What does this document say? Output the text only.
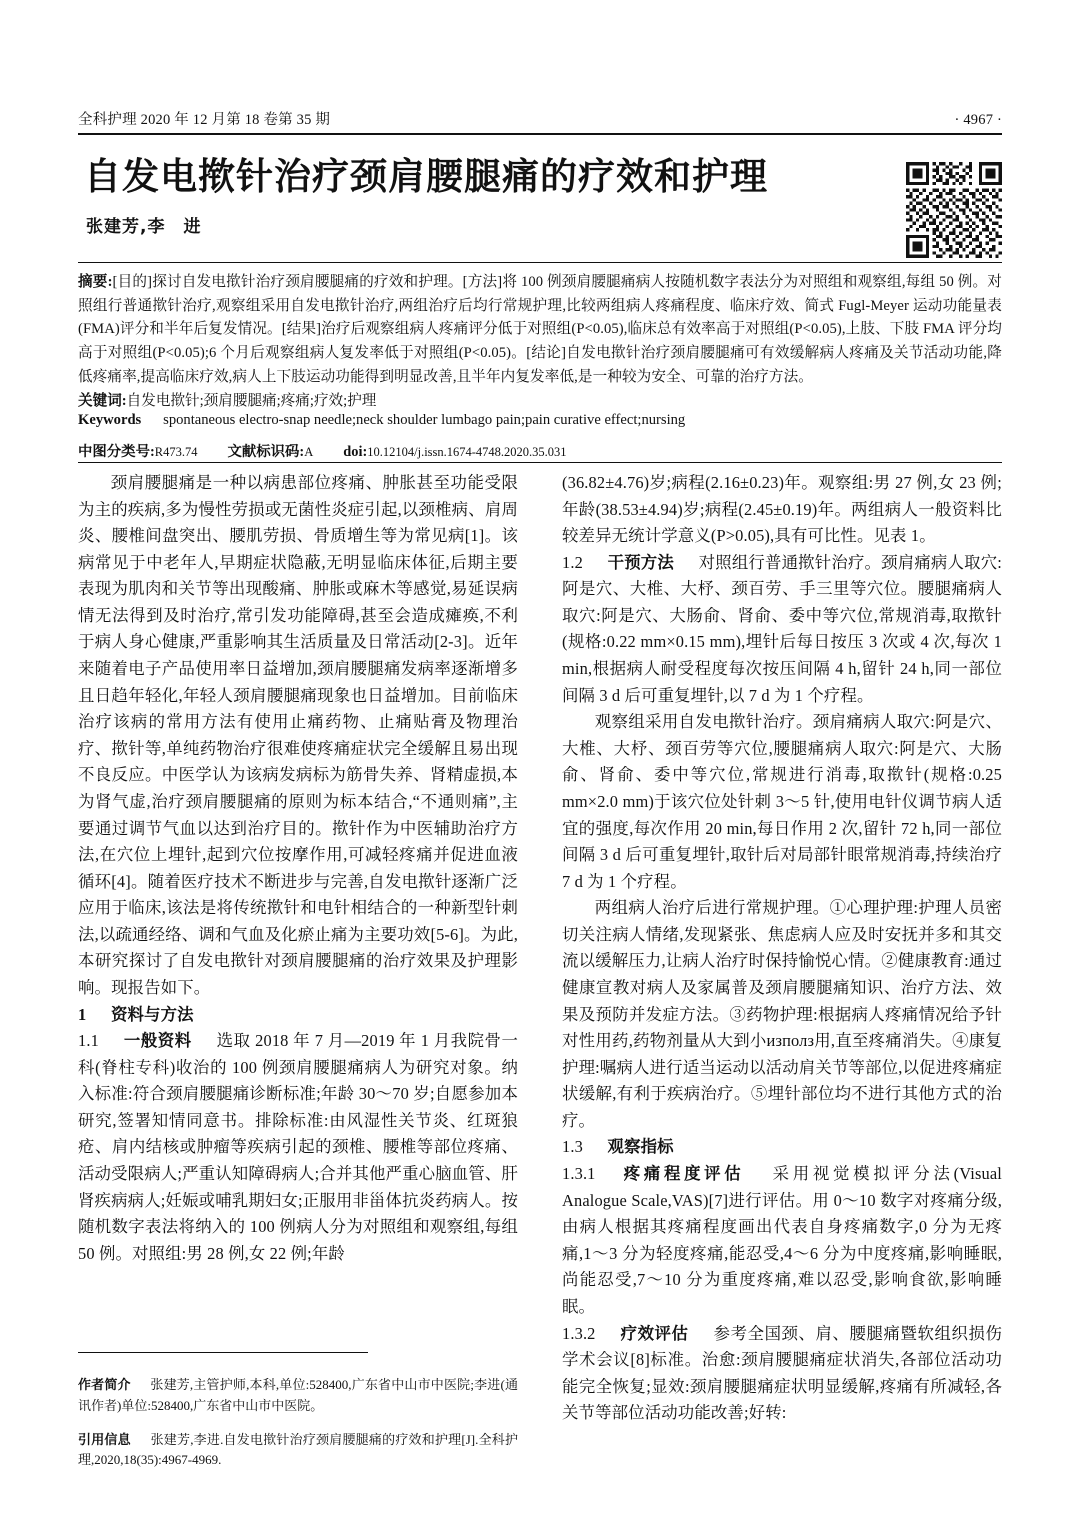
全科护理 2020 年 12 月第 18 卷第 35 期	· 4967 ·
自发电揿针治疗颈肩腰腿痛的疗效和护理
张建芳,李　进
摘要:[目的]探讨自发电揿针治疗颈肩腰腿痛的疗效和护理。[方法]将 100 例颈肩腰腿痛病人按随机数字表法分为对照组和观察组,每组 50 例。对照组行普通揿针治疗,观察组采用自发电揿针治疗,两组治疗后均行常规护理,比较两组病人疼痛程度、临床疗效、简式 Fugl-Meyer 运动功能量表(FMA)评分和半年后复发情况。[结果]治疗后观察组病人疼痛评分低于对照组(P<0.05),临床总有效率高于对照组(P<0.05),上肢、下肢 FMA 评分均高于对照组(P<0.05);6 个月后观察组病人复发率低于对照组(P<0.05)。[结论]自发电揿针治疗颈肩腰腿痛可有效缓解病人疼痛及关节活动功能,降低疼痛率,提高临床疗效,病人上下肢运动功能得到明显改善,且半年内复发率低,是一种较为安全、可靠的治疗方法。
关键词:自发电揿针;颈肩腰腿痛;疼痛;疗效;护理
Keywords spontaneous electro-snap needle;neck shoulder lumbago pain;pain curative effect;nursing
中图分类号:R473.74 文献标识码:A doi:10.12104/j.issn.1674-4748.2020.35.031

颈肩腰腿痛是一种以病患部位疼痛、肿胀甚至功能受限为主的疾病,多为慢性劳损或无菌性炎症引起,以颈椎病、肩周炎、腰椎间盘突出、腰肌劳损、骨质增生等为常见病[1]。该病常见于中老年人,早期症状隐蔽,无明显临床体征,后期主要表现为肌肉和关节等出现酸痛、肿胀或麻木等感觉,易延误病情无法得到及时治疗,常引发功能障碍,甚至会造成瘫痪,不利于病人身心健康,严重影响其生活质量及日常活动[2-3]。近年来随着电子产品使用率日益增加,颈肩腰腿痛发病率逐渐增多且日趋年轻化,年轻人颈肩腰腿痛现象也日益增加。目前临床治疗该病的常用方法有使用止痛药物、止痛贴膏及物理治疗、揿针等,单纯药物治疗很难使疼痛症状完全缓解且易出现不良反应。中医学认为该病发病标为筋骨失养、肾精虚损,本为肾气虚,治疗颈肩腰腿痛的原则为标本结合,“不通则痛”,主要通过调节气血以达到治疗目的。揿针作为中医辅助治疗方法,在穴位上埋针,起到穴位按摩作用,可减轻疼痛并促进血液循环[4]。随着医疗技术不断进步与完善,自发电揿针逐渐广泛应用于临床,该法是将传统揿针和电针相结合的一种新型针刺法,以疏通经络、调和气血及化瘀止痛为主要功效[5-6]。为此,本研究探讨了自发电揿针对颈肩腰腿痛的治疗效果及护理影响。现报告如下。

1 资料与方法

1.1 一般资料 选取 2018 年 7 月—2019 年 1 月我院骨一科(脊柱专科)收治的 100 例颈肩腰腿痛病人为研究对象。纳入标准:符合颈肩腰腿痛诊断标准;年龄 30～70 岁;自愿参加本研究,签署知情同意书。排除标准:由风湿性关节炎、红斑狼疮、肩内结核或肿瘤等疾病引起的颈椎、腰椎等部位疼痛、活动受限病人;严重认知障碍病人;合并其他严重心脑血管、肝肾疾病病人;妊娠或哺乳期妇女;正服用非甾体抗炎药病人。按随机数字表法将纳入的 100 例病人分为对照组和观察组,每组 50 例。对照组:男 28 例,女 22 例;年龄

(36.82±4.76)岁;病程(2.16±0.23)年。观察组:男 27 例,女 23 例;年龄(38.53±4.94)岁;病程(2.45±0.19)年。两组病人一般资料比较差异无统计学意义(P>0.05),具有可比性。见表 1。

1.2 干预方法 对照组行普通揿针治疗。颈肩痛病人取穴:阿是穴、大椎、大杼、颈百劳、手三里等穴位。腰腿痛病人取穴:阿是穴、大肠俞、肾俞、委中等穴位,常规消毒,取揿针(规格:0.22 mm×0.15 mm),埋针后每日按压 3 次或 4 次,每次 1 min,根据病人耐受程度每次按压间隔 4 h,留针 24 h,同一部位间隔 3 d 后可重复埋针,以 7 d 为 1 个疗程。

观察组采用自发电揿针治疗。颈肩痛病人取穴:阿是穴、大椎、大杼、颈百劳等穴位,腰腿痛病人取穴:阿是穴、大肠俞、肾俞、委中等穴位,常规进行消毒,取揿针(规格:0.25 mm×2.0 mm)于该穴位处针刺 3～5 针,使用电针仪调节病人适宜的强度,每次作用 20 min,每日作用 2 次,留针 72 h,同一部位间隔 3 d 后可重复埋针,取针后对局部针眼常规消毒,持续治疗 7 d 为 1 个疗程。

两组病人治疗后进行常规护理。①心理护理:护理人员密切关注病人情绪,发现紧张、焦虑病人应及时安抚并多和其交流以缓解压力,让病人治疗时保持愉悦心情。②健康教育:通过健康宣教对病人及家属普及颈肩腰腿痛知识、治疗方法、效果及预防并发症方法。③药物护理:根据病人疼痛情况给予针对性用药,药物剂量从大到小използ用,直至疼痛消失。④康复护理:嘱病人进行适当运动以活动肩关节等部位,以促进疼痛症状缓解,有利于疾病治疗。⑤埋针部位均不进行其他方式的治疗。

1.3 观察指标

1.3.1 疼痛程度评估 采用视觉模拟评分法(Visual Analogue Scale,VAS)[7]进行评估。用 0～10 数字对疼痛分级,由病人根据其疼痛程度画出代表自身疼痛数字,0 分为无疼痛,1～3 分为轻度疼痛,能忍受,4～6 分为中度疼痛,影响睡眠,尚能忍受,7～10 分为重度疼痛,难以忍受,影响食欲,影响睡眠。

1.3.2 疗效评估 参考全国颈、肩、腰腿痛暨软组织损伤学术会议[8]标准。治愈:颈肩腰腿痛症状消失,各部位活动功能完全恢复;显效:颈肩腰腿痛症状明显缓解,疼痛有所减轻,各关节等部位活动功能改善;好转:

作者简介 张建芳,主管护师,本科,单位:528400,广东省中山市中医院;李进(通讯作者)单位:528400,广东省中山市中医院。

引用信息 张建芳,李进.自发电揿针治疗颈肩腰腿痛的疗效和护理[J].全科护理,2020,18(35):4967-4969.
